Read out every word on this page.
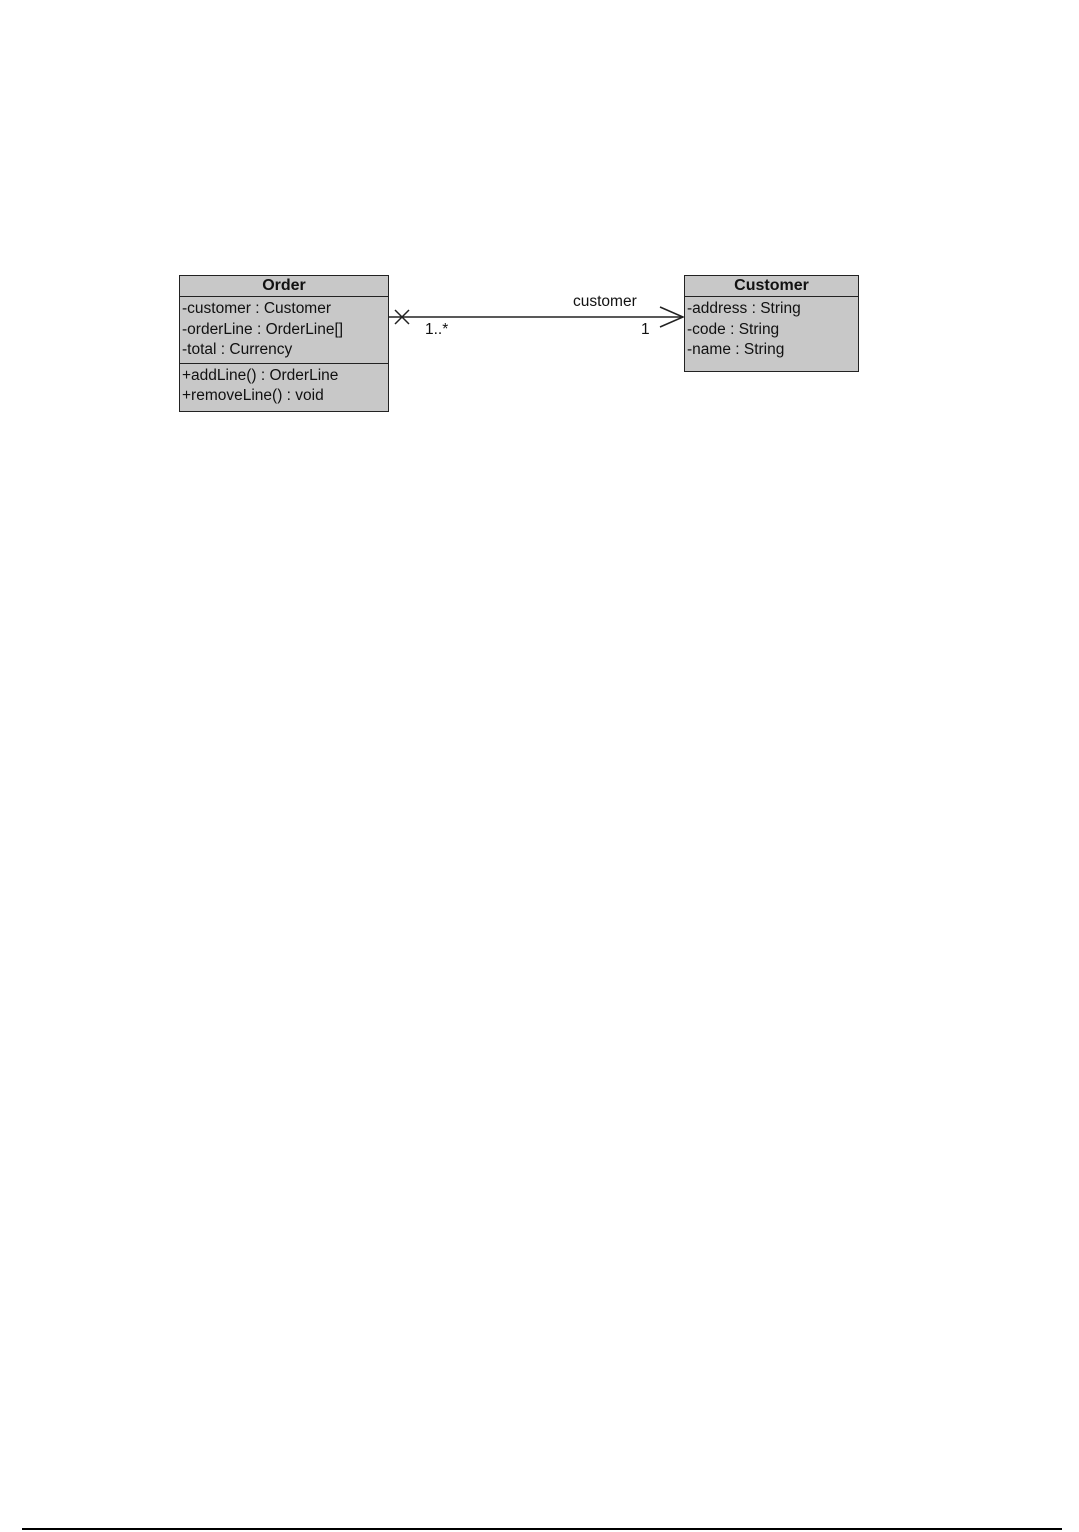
Order
-customer : Customer
-orderLine : OrderLine[]
-total : Currency
+addLine() : OrderLine
+removeLine() : void
Customer
-address : String
-code : String
-name : String
customer
1..*	1
